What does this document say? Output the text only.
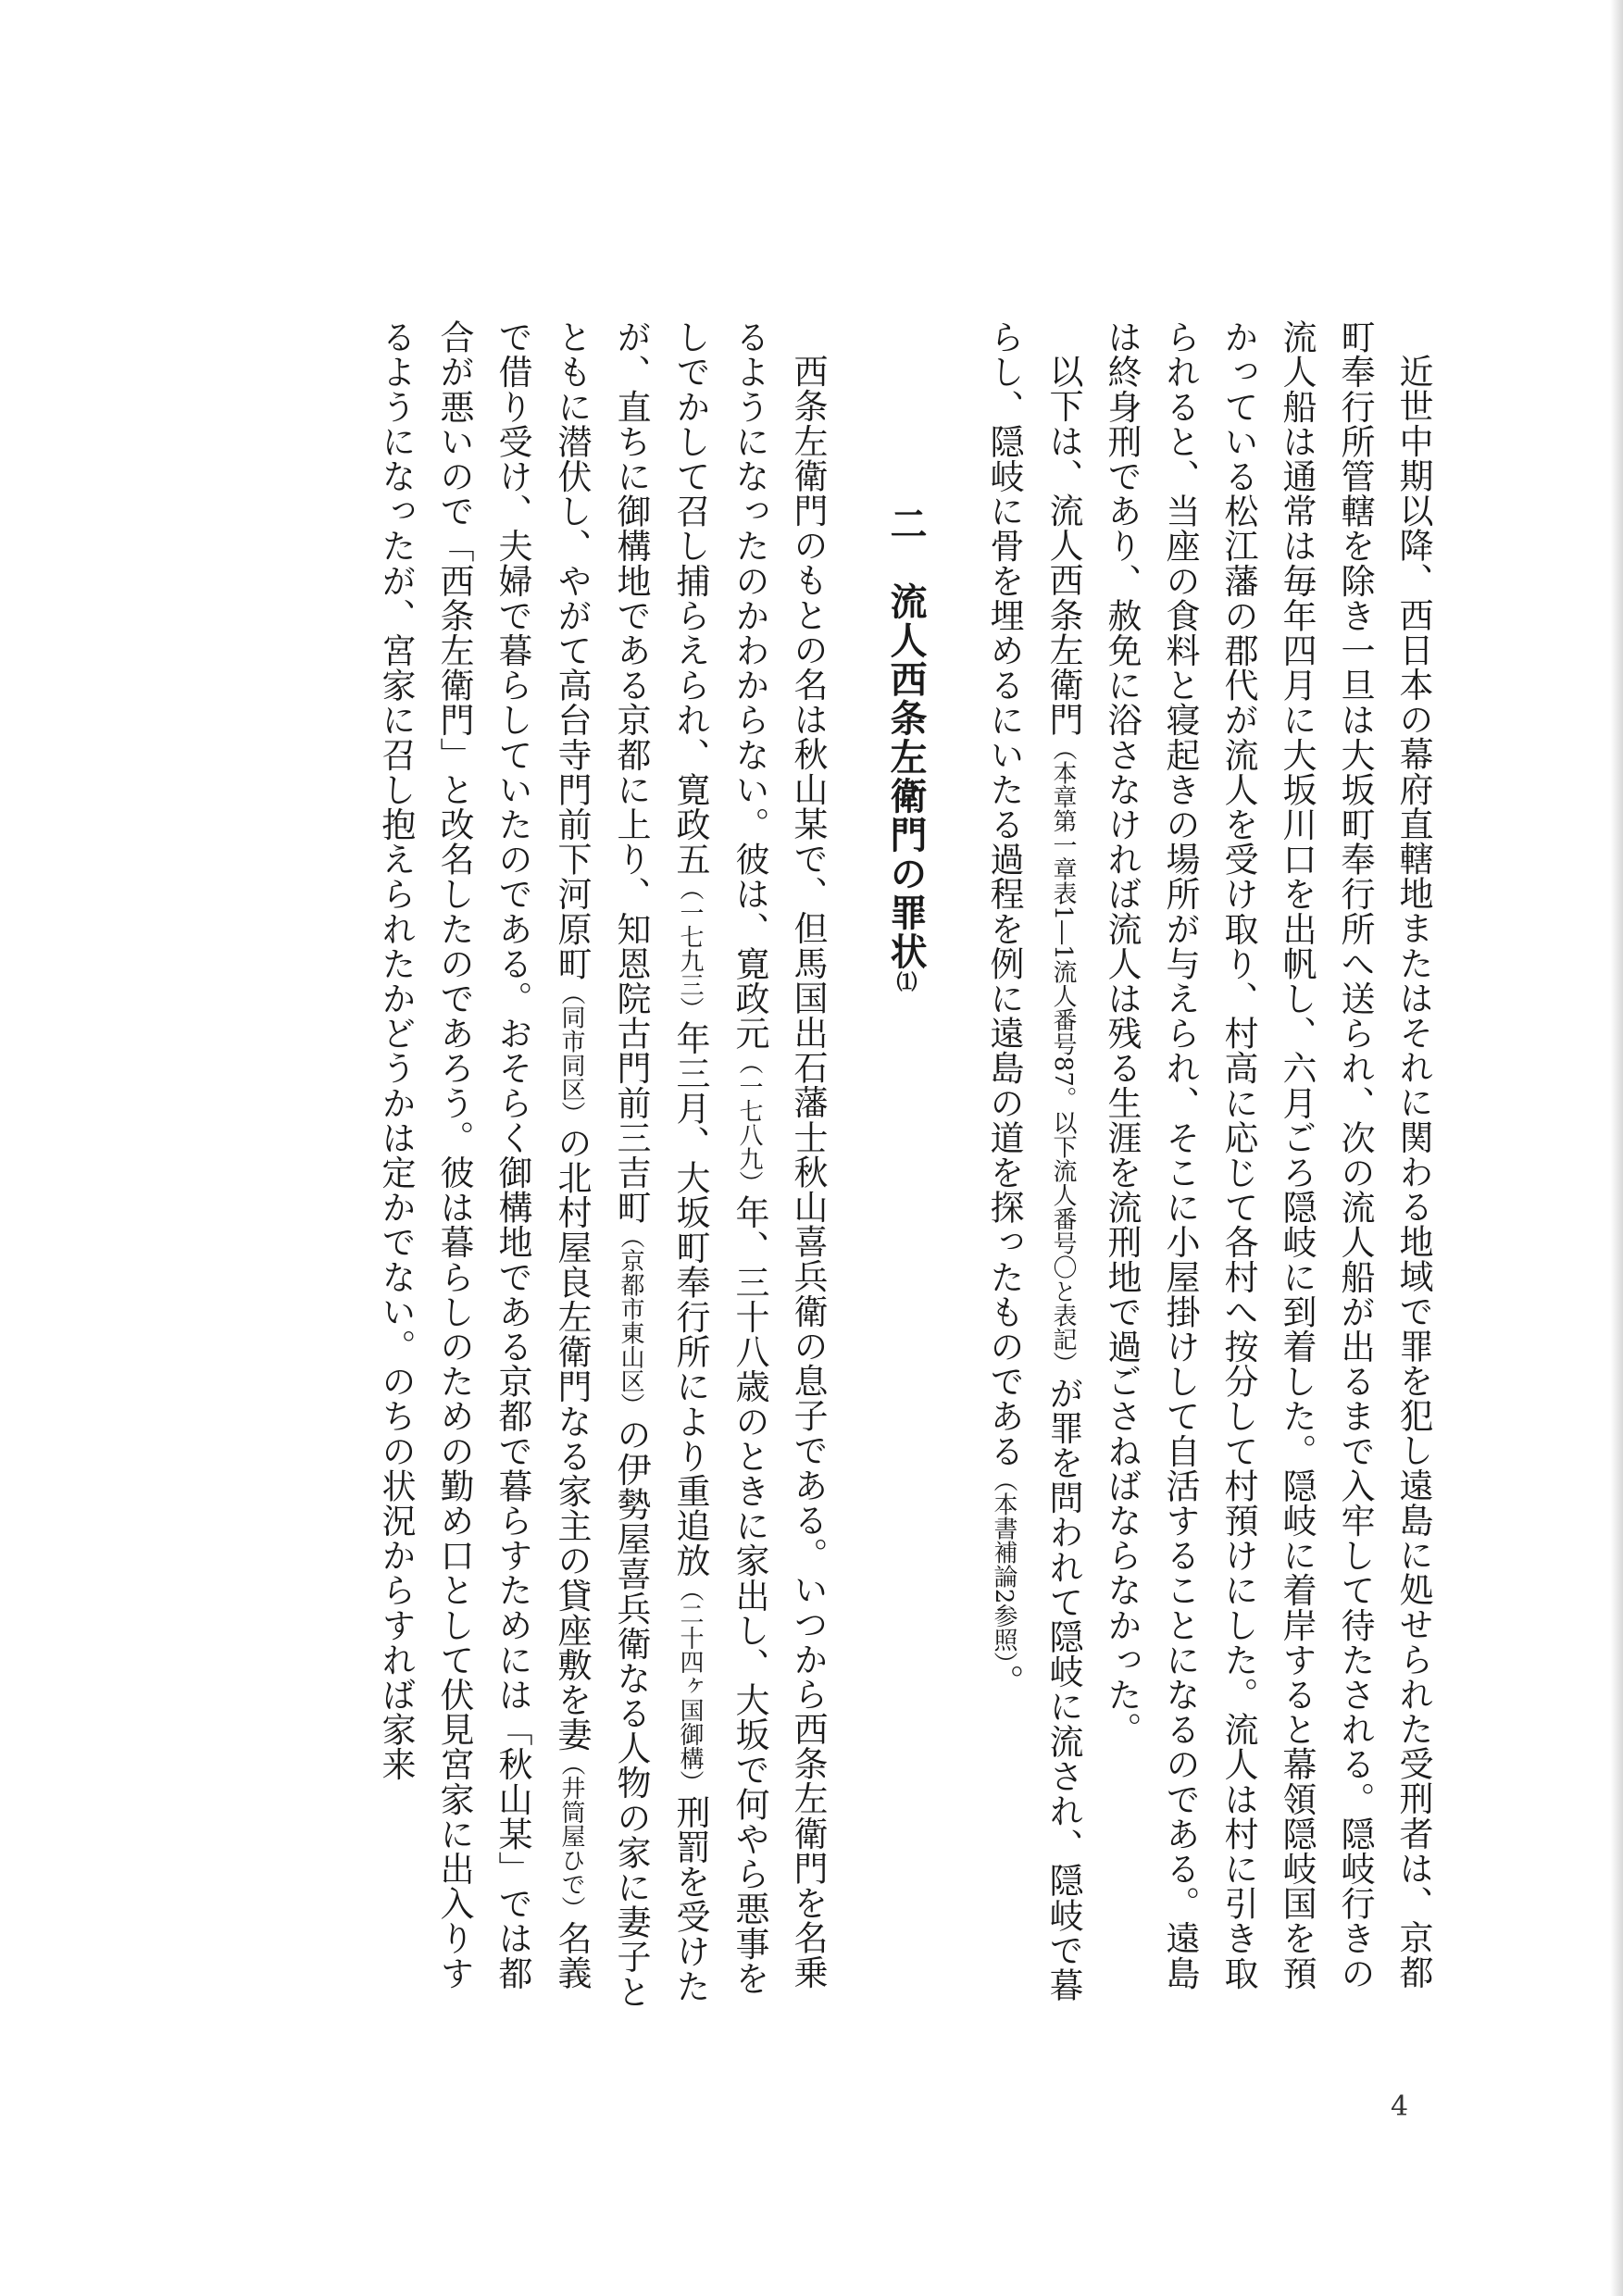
近世中期以降、西日本の幕府直轄地またはそれに関わる地域で罪を犯し遠島に処せられた受刑者は、京都町奉行所管轄を除き一旦は大坂町奉行所へ送られ、次の流人船が出るまで入牢して待たされる。隠岐行きの流人船は通常は毎年四月に大坂川口を出帆し、六月ごろ隠岐に到着した。隠岐に着岸すると幕領隠岐国を預かっている松江藩の郡代が流人を受け取り、村高に応じて各村へ按分して村預けにした。流人は村に引き取られると、当座の食料と寝起きの場所が与えられ、そこに小屋掛けして自活することになるのである。遠島は終身刑であり、赦免に浴さなければ流人は残る生涯を流刑地で過ごさねばならなかった。

以下は、流人西条左衛門（本章第一章表1―1流人番号87。以下流人番号〇と表記）が罪を問われて隠岐に流され、隠岐で暮らし、隠岐に骨を埋めるにいたる過程を例に遠島の道を探ったものである（本書補論2参照）。

二　流人西条左衛門の罪状⑴

西条左衛門のもとの名は秋山某で、但馬国出石藩士秋山喜兵衛の息子である。いつから西条左衛門を名乗るようになったのかわからない。彼は、寛政元（一七八九）年、三十八歳のときに家出し、大坂で何やら悪事をしでかして召し捕らえられ、寛政五（一七九三）年三月、大坂町奉行所により重追放（二十四ヶ国御構）刑罰を受けたが、直ちに御構地である京都に上り、知恩院古門前三吉町（京都市東山区）の伊勢屋喜兵衛なる人物の家に妻子とともに潜伏し、やがて高台寺門前下河原町（同市同区）の北村屋良左衛門なる家主の貸座敷を妻（井筒屋ひで）名義で借り受け、夫婦で暮らしていたのである。おそらく御構地である京都で暮らすためには「秋山某」では都合が悪いので「西条左衛門」と改名したのであろう。彼は暮らしのための勤め口として伏見宮家に出入りするようになったが、宮家に召し抱えられたかどうかは定かでない。のちの状況からすれば家来

4
